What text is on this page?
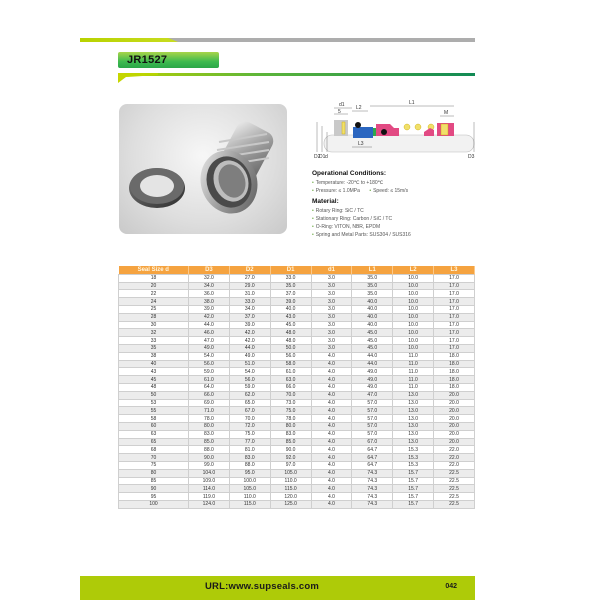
JR1527
d1
5
L2
L1
M
L3
D2
D1 d	D3
Operational Conditions:
• Temperature: -20℃ to +180℃
• Pressure: ≤ 1.0MPa • Speed: ≤ 15m/s
Material:
• Rotary Ring: SiC / TC
• Stationary Ring: Carbon / SiC / TC
• O-Ring: VITON, NBR, EPDM
• Spring and Metal Parts: SUS304 / SUS316
Seal Size d	D3	D2	D1	d1	L1	L2	L3
18	32.0	27.0	33.0	3.0	35.0	10.0	17.0
20	34.0	29.0	35.0	3.0	35.0	10.0	17.0
22	36.0	31.0	37.0	3.0	35.0	10.0	17.0
24	38.0	33.0	39.0	3.0	40.0	10.0	17.0
25	39.0	34.0	40.0	3.0	40.0	10.0	17.0
28	42.0	37.0	43.0	3.0	40.0	10.0	17.0
30	44.0	39.0	45.0	3.0	40.0	10.0	17.0
32	46.0	42.0	48.0	3.0	45.0	10.0	17.0
33	47.0	42.0	48.0	3.0	45.0	10.0	17.0
35	49.0	44.0	50.0	3.0	45.0	10.0	17.0
38	54.0	49.0	56.0	4.0	44.0	11.0	18.0
40	56.0	51.0	58.0	4.0	44.0	11.0	18.0
43	59.0	54.0	61.0	4.0	49.0	11.0	18.0
45	61.0	56.0	63.0	4.0	49.0	11.0	18.0
48	64.0	59.0	66.0	4.0	49.0	11.0	18.0
50	66.0	62.0	70.0	4.0	47.0	13.0	20.0
53	69.0	65.0	73.0	4.0	57.0	13.0	20.0
55	71.0	67.0	75.0	4.0	57.0	13.0	20.0
58	78.0	70.0	78.0	4.0	57.0	13.0	20.0
60	80.0	72.0	80.0	4.0	57.0	13.0	20.0
63	83.0	75.0	83.0	4.0	57.0	13.0	20.0
65	85.0	77.0	85.0	4.0	67.0	13.0	20.0
68	88.0	81.0	90.0	4.0	64.7	15.3	22.0
70	90.0	83.0	92.0	4.0	64.7	15.3	22.0
75	99.0	88.0	97.0	4.0	64.7	15.3	22.0
80	104.0	95.0	105.0	4.0	74.3	15.7	22.5
85	109.0	100.0	110.0	4.0	74.3	15.7	22.5
90	114.0	105.0	115.0	4.0	74.3	15.7	22.5
95	119.0	110.0	120.0	4.0	74.3	15.7	22.5
100	124.0	115.0	125.0	4.0	74.3	15.7	22.5
URL:www.supseals.com	042
